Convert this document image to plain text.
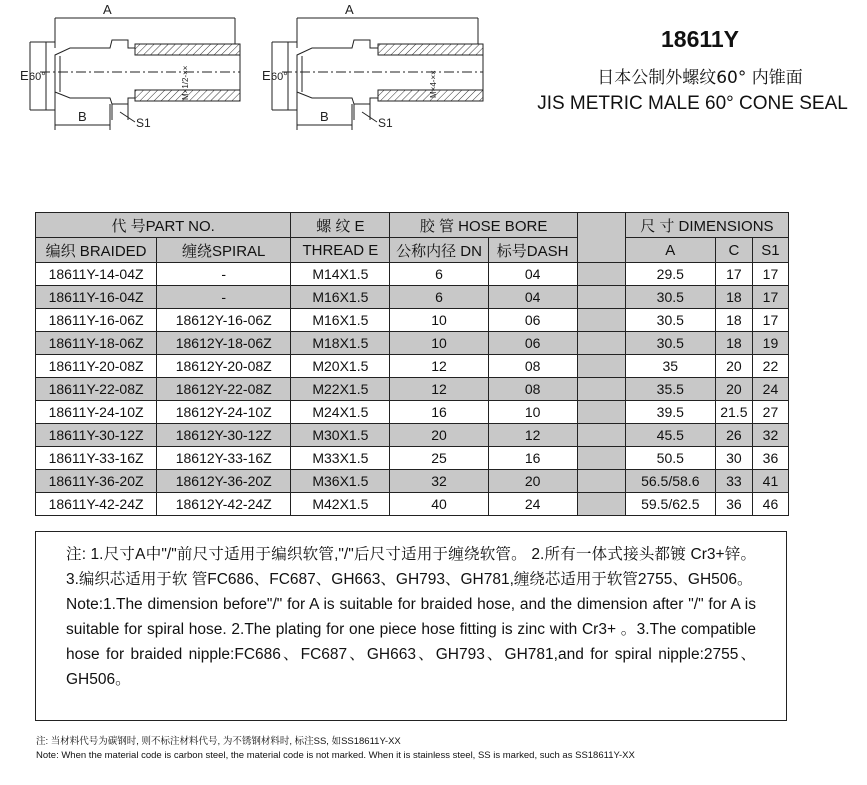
A
E 60°
B	S1
M×1/2-××
A
E 60°
B	S1
M×4-××
18611Y
日本公制外螺纹60° 内锥面
JIS METRIC MALE 60° CONE SEAL
代 号PART NO.		螺 纹 E	胶 管 HOSE BORE			尺 寸 DIMENSIONS		
编织 BRAIDED	缠绕SPIRAL	THREAD E	公称内径 DN	标号DASH		A	C	S1
18611Y-14-04Z	-	M14X1.5	6	04		29.5	17	17
18611Y-16-04Z	-	M16X1.5	6	04		30.5	18	17
18611Y-16-06Z	18612Y-16-06Z	M16X1.5	10	06		30.5	18	17
18611Y-18-06Z	18612Y-18-06Z	M18X1.5	10	06		30.5	18	19
18611Y-20-08Z	18612Y-20-08Z	M20X1.5	12	08		35	20	22
18611Y-22-08Z	18612Y-22-08Z	M22X1.5	12	08		35.5	20	24
18611Y-24-10Z	18612Y-24-10Z	M24X1.5	16	10		39.5	21.5	27
18611Y-30-12Z	18612Y-30-12Z	M30X1.5	20	12		45.5	26	32
18611Y-33-16Z	18612Y-33-16Z	M33X1.5	25	16		50.5	30	36
18611Y-36-20Z	18612Y-36-20Z	M36X1.5	32	20		56.5/58.6	33	41
18611Y-42-24Z	18612Y-42-24Z	M42X1.5	40	24		59.5/62.5	36	46

注: 1.尺寸A中"/"前尺寸适用于编织软管,"/"后尺寸适用于缠绕软管。 2.所有一体式接头都镀 Cr3+锌。3.编织芯适用于软 管FC686、FC687、GH663、GH793、GH781,缠绕芯适用于软管2755、GH506。

Note:1.The dimension before"/" for A is suitable for braided hose, and the dimension after "/" for A is suitable for spiral hose. 2.The plating for one piece hose fitting is zinc with Cr3+ 。3.The compatible hose for braided nipple:FC686、FC687、GH663、GH793、GH781,and for spiral nipple:2755、GH506。

注: 当材料代号为碳钢时, 则不标注材料代号, 为不锈钢材料时, 标注SS, 如SS18611Y-XX

Note: When the material code is carbon steel, the material code is not marked. When it is stainless steel, SS is marked, such as SS18611Y-XX
